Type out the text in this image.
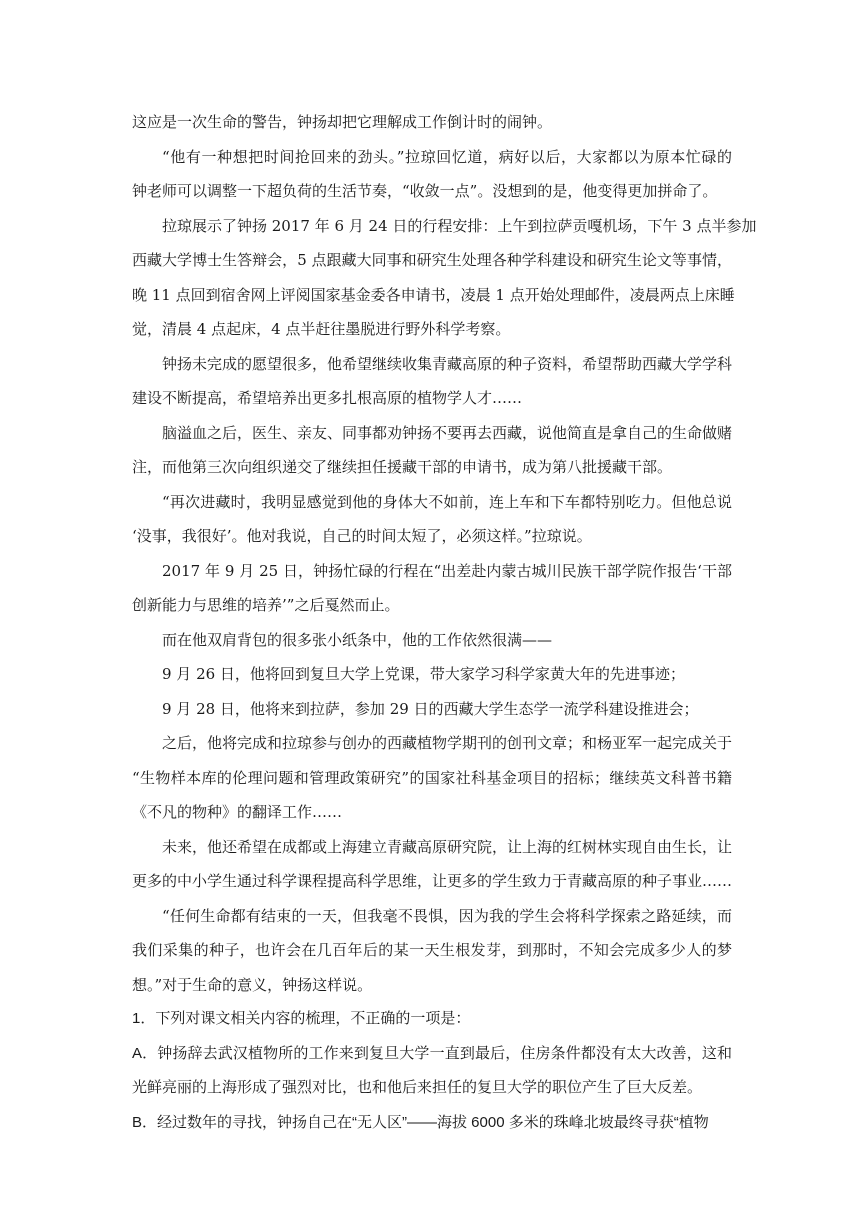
这应是一次生命的警告，钟扬却把它理解成工作倒计时的闹钟。
“他有一种想把时间抢回来的劲头。”拉琼回忆道，病好以后，大家都以为原本忙碌的
钟老师可以调整一下超负荷的生活节奏，“收敛一点”。没想到的是，他变得更加拼命了。
拉琼展示了钟扬 2017 年 6 月 24 日的行程安排：上午到拉萨贡嘎机场，下午 3 点半参加
西藏大学博士生答辩会，5 点跟藏大同事和研究生处理各种学科建设和研究生论文等事情，
晚 11 点回到宿舍网上评阅国家基金委各申请书，凌晨 1 点开始处理邮件，凌晨两点上床睡
觉，清晨 4 点起床，4 点半赶往墨脱进行野外科学考察。
钟扬未完成的愿望很多，他希望继续收集青藏高原的种子资料，希望帮助西藏大学学科
建设不断提高，希望培养出更多扎根高原的植物学人才……
脑溢血之后，医生、亲友、同事都劝钟扬不要再去西藏，说他简直是拿自己的生命做赌
注，而他第三次向组织递交了继续担任援藏干部的申请书，成为第八批援藏干部。
“再次进藏时，我明显感觉到他的身体大不如前，连上车和下车都特别吃力。但他总说
‘没事，我很好’。他对我说，自己的时间太短了，必须这样。”拉琼说。
2017 年 9 月 25 日，钟扬忙碌的行程在“出差赴内蒙古城川民族干部学院作报告‘干部
创新能力与思维的培养’”之后戛然而止。
而在他双肩背包的很多张小纸条中，他的工作依然很满——
9 月 26 日，他将回到复旦大学上党课，带大家学习科学家黄大年的先进事迹；
9 月 28 日，他将来到拉萨，参加 29 日的西藏大学生态学一流学科建设推进会；
之后，他将完成和拉琼参与创办的西藏植物学期刊的创刊文章；和杨亚军一起完成关于
“生物样本库的伦理问题和管理政策研究”的国家社科基金项目的招标；继续英文科普书籍
《不凡的物种》的翻译工作……
未来，他还希望在成都或上海建立青藏高原研究院，让上海的红树林实现自由生长，让
更多的中小学生通过科学课程提高科学思维，让更多的学生致力于青藏高原的种子事业……
“任何生命都有结束的一天，但我毫不畏惧，因为我的学生会将科学探索之路延续，而
我们采集的种子，也许会在几百年后的某一天生根发芽，到那时，不知会完成多少人的梦
想。”对于生命的意义，钟扬这样说。
1．下列对课文相关内容的梳理，不正确的一项是：
A．钟扬辞去武汉植物所的工作来到复旦大学一直到最后，住房条件都没有太大改善，这和
光鲜亮丽的上海形成了强烈对比，也和他后来担任的复旦大学的职位产生了巨大反差。
B．经过数年的寻找，钟扬自己在“无人区”——海拔 6000 多米的珠峰北坡最终寻获“植物
